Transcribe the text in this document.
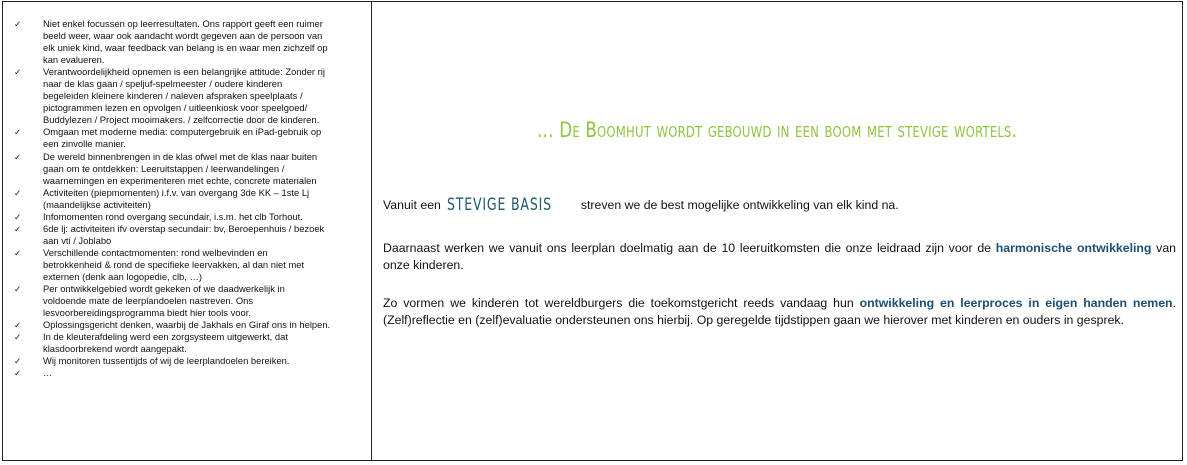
✓	Niet enkel focussen op leerresultaten. Ons rapport geeft een ruimer
beeld weer, waar ook aandacht wordt gegeven aan de persoon van
elk uniek kind, waar feedback van belang is en waar men zichzelf op
kan evalueren.
✓	Verantwoordelijkheid opnemen is een belangrijke attitude: Zonder rij
naar de klas gaan / speljuf-spelmeester / oudere kinderen
begeleiden kleinere kinderen / naleven afspraken speelplaats /
pictogrammen lezen en opvolgen / uitleenkiosk voor speelgoed/
Buddylezen / Project mooimakers. / zelfcorrectie door de kinderen.
✓	Omgaan met moderne media: computergebruik en iPad-gebruik op
een zinvolle manier.
✓	De wereld binnenbrengen in de klas ofwel met de klas naar buiten
gaan om te ontdekken: Leeruitstappen / leerwandelingen /
waarnemingen en experimenteren met echte, concrete materialen
✓	Activiteiten (piepmomenten) i.f.v. van overgang 3de KK – 1ste Lj
(maandelijkse activiteiten)
✓	Infomomenten rond overgang secundair, i.s.m. het clb Torhout.
✓	6de lj: activiteiten ifv overstap secundair: bv, Beroepenhuis / bezoek
aan vti / Joblabo
✓	Verschillende contactmomenten: rond welbevinden en
betrokkenheid & rond de specifieke leervakken, al dan niet met
externen (denk aan logopedie, clb, …)
✓	Per ontwikkelgebied wordt gekeken of we daadwerkelijk in
voldoende mate de leerplandoelen nastreven. Ons
lesvoorbereidingsprogramma biedt hier tools voor.
✓	Oplossingsgericht denken, waarbij de Jakhals en Giraf ons in helpen.
✓	In de kleuterafdeling werd een zorgsysteem uitgewerkt, dat
klasdoorbrekend wordt aangepakt.
✓	Wij monitoren tussentijds of wij de leerplandoelen bereiken.
✓	…
… De Boomhut wordt gebouwd in een boom met stevige wortels.

Vanuit een STEVIGE BASIS streven we de best mogelijke ontwikkeling van elk kind na.

Daarnaast werken we vanuit ons leerplan doelmatig aan de 10 leeruitkomsten die onze leidraad zijn voor de harmonische ontwikkeling van onze kinderen.

Zo vormen we kinderen tot wereldburgers die toekomstgericht reeds vandaag hun ontwikkeling en leerproces in eigen handen nemen. (Zelf)reflectie en (zelf)evaluatie ondersteunen ons hierbij. Op geregelde tijdstippen gaan we hierover met kinderen en ouders in gesprek.
